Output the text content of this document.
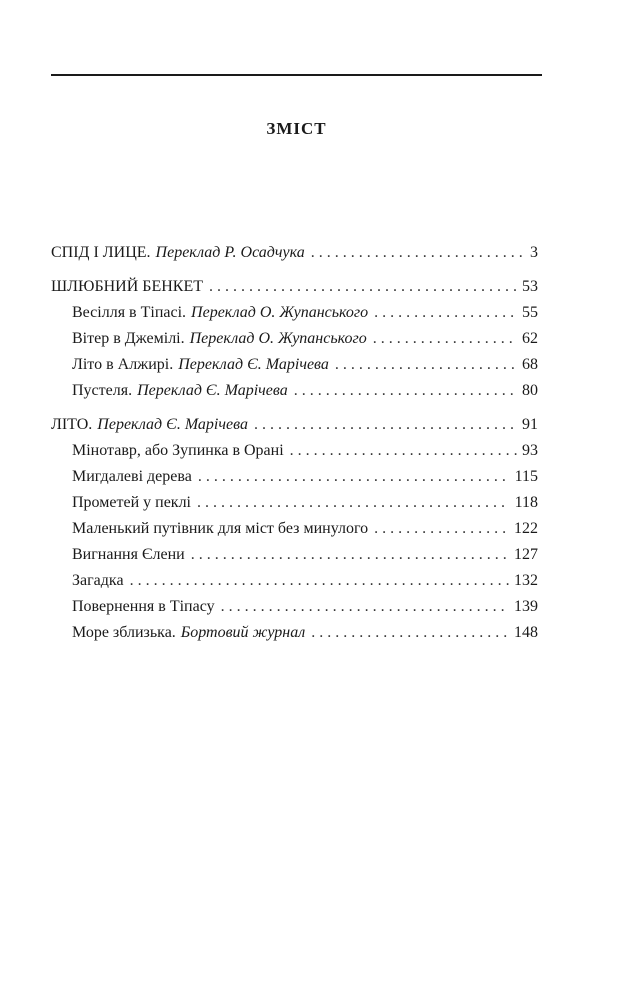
ЗМІСТ
СПІД І ЛИЦЕ. Переклад Р. Осадчука . . .	3
ШЛЮБНИЙ БЕНКЕТ . . .	53
Весілля в Тіпасі. Переклад О. Жупанського . . .	55
Вітер в Джемілі. Переклад О. Жупанського . . .	62
Літо в Алжирі. Переклад Є. Марічева . . .	68
Пустеля. Переклад Є. Марічева . . .	80
ЛІТО. Переклад Є. Марічева . . .	91
Мінотавр, або Зупинка в Орані . . .	93
Мигдалеві дерева . . .	115
Прометей у пеклі . . .	118
Маленький путівник для міст без минулого . . .	122
Вигнання Єлени . . .	127
Загадка . . .	132
Повернення в Тіпасу . . .	139
Море зблизька. Бортовий журнал . . .	148
